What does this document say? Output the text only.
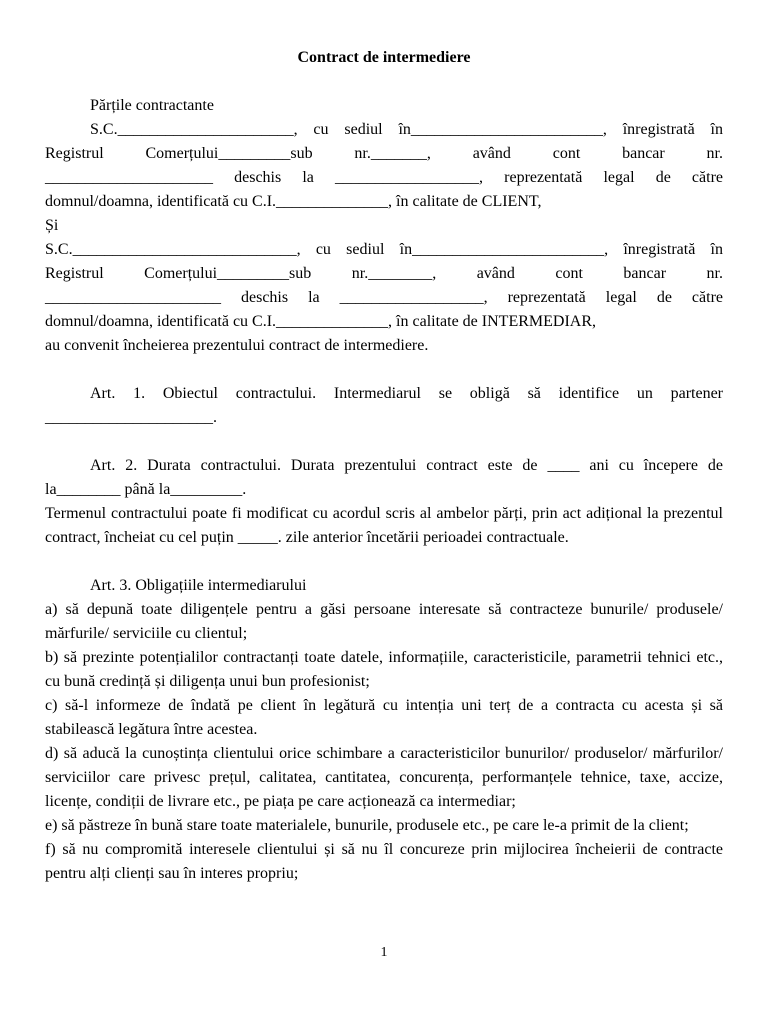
Contract de intermediere

Părțile contractante

S.C.______________________, cu sediul în________________________, înregistrată în

Registrul Comerțului_________sub nr._______, având cont bancar nr.

_____________________ deschis la __________________, reprezentată legal de către

domnul/doamna, identificată cu C.I.______________, în calitate de CLIENT,

Și

S.C.____________________________, cu sediul în________________________, înregistrată în

Registrul Comerțului_________sub nr.________, având cont bancar nr.

______________________ deschis la __________________, reprezentată legal de către

domnul/doamna, identificată cu C.I.______________, în calitate de INTERMEDIAR,

au convenit încheierea prezentului contract de intermediere.

Art. 1. Obiectul contractului. Intermediarul se obligă să identifice un partener _____________________.

Art. 2. Durata contractului. Durata prezentului contract este de ____ ani cu începere de la________ până la_________.

Termenul contractului poate fi modificat cu acordul scris al ambelor părți, prin act adițional la prezentul contract, încheiat cu cel puțin _____. zile anterior încetării perioadei contractuale.

Art. 3. Obligațiile intermediarului

a) să depună toate diligențele pentru a găsi persoane interesate să contracteze bunurile/ produsele/ mărfurile/ serviciile cu clientul;

b) să prezinte potențialilor contractanți toate datele, informațiile, caracteristicile, parametrii tehnici etc., cu bună credință și diligența unui bun profesionist;

c) să-l informeze de îndată pe client în legătură cu intenția uni terț de a contracta cu acesta și să stabilească legătura între acestea.

d) să aducă la cunoștința clientului orice schimbare a caracteristicilor bunurilor/ produselor/ mărfurilor/ serviciilor care privesc prețul, calitatea, cantitatea, concurența, performanțele tehnice, taxe, accize, licențe, condiții de livrare etc., pe piața pe care acționează ca intermediar;

e) să păstreze în bună stare toate materialele, bunurile, produsele etc., pe care le-a primit de la client;

f) să nu compromită interesele clientului și să nu îl concureze prin mijlocirea încheierii de contracte pentru alți clienți sau în interes propriu;

1
